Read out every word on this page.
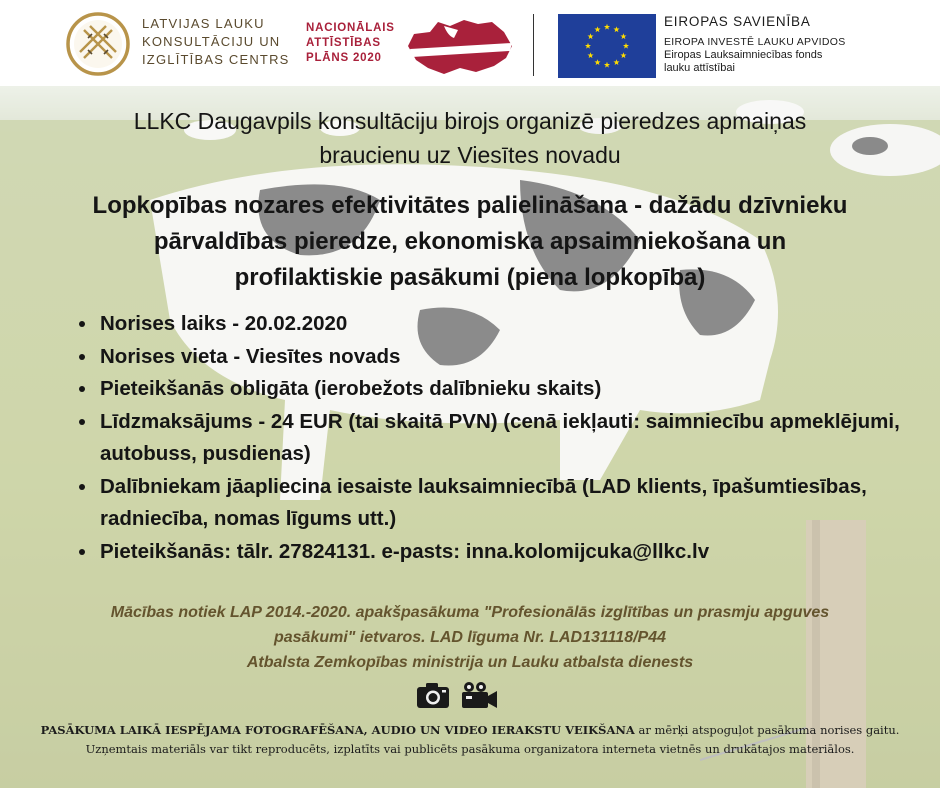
LATVIJAS LAUKU
KONSULTĀCIJU UN
IZGLĪTĪBAS CENTRS
NACIONĀLAIS
ATTĪSTĪBAS
PLĀNS 2020
EIROPAS SAVIENĪBA
EIROPA INVESTĒ LAUKU APVIDOS
Eiropas Lauksaimniecības fonds
lauku attīstībai
LLKC Daugavpils konsultāciju birojs organizē pieredzes apmaiņas
braucienu uz Viesītes novadu
Lopkopības nozares efektivitātes palielināšana - dažādu dzīvnieku
pārvaldības pieredze, ekonomiska apsaimniekošana un
profilaktiskie pasākumi (piena lopkopība)
• Norises laiks - 20.02.2020
• Norises vieta - Viesītes novads
• Pieteikšanās obligāta (ierobežots dalībnieku skaits)
• Līdzmaksājums - 24 EUR (tai skaitā PVN) (cenā iekļauti: saimniecību apmeklējumi, autobuss, pusdienas)
• Dalībniekam jāapliecina iesaiste lauksaimniecībā (LAD klients, īpašumtiesības, radniecība, nomas līgums utt.)
• Pieteikšanās: tālr. 27824131. e-pasts: inna.kolomijcuka@llkc.lv
Mācības notiek LAP 2014.-2020. apakšpasākuma "Profesionālās izglītības un prasmju apguves
pasākumi" ietvaros. LAD līguma Nr. LAD131118/P44
Atbalsta Zemkopības ministrija un Lauku atbalsta dienests
PASĀKUMA LAIKĀ IESPĒJAMA FOTOGRAFĒŠANA, AUDIO UN VIDEO IERAKSTU VEIKŠANA ar mērķi atspoguļot pasākuma norises gaitu. Uzņemtais materiāls var tikt reproducēts, izplatīts vai publicēts pasākuma organizatora interneta vietnēs un drukātajos materiālos.
